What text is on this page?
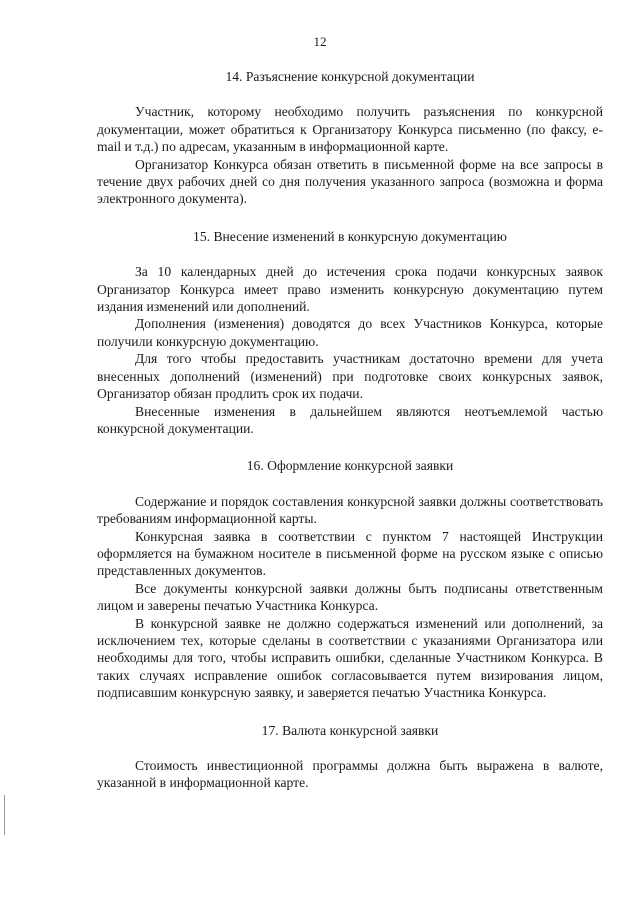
12
14. Разъяснение конкурсной документации

Участник, которому необходимо получить разъяснения по конкурсной документации, может обратиться к Организатору Конкурса письменно (по факсу, e-mail и т.д.) по адресам, указанным в информационной карте.

Организатор Конкурса обязан ответить в письменной форме на все запросы в течение двух рабочих дней со дня получения указанного запроса (возможна и форма электронного документа).

15. Внесение изменений в конкурсную документацию

За 10 календарных дней до истечения срока подачи конкурсных заявок Организатор Конкурса имеет право изменить конкурсную документацию путем издания изменений или дополнений.

Дополнения (изменения) доводятся до всех Участников Конкурса, которые получили конкурсную документацию.

Для того чтобы предоставить участникам достаточно времени для учета внесенных дополнений (изменений) при подготовке своих конкурсных заявок, Организатор обязан продлить срок их подачи.

Внесенные изменения в дальнейшем являются неотъемлемой частью конкурсной документации.

16. Оформление конкурсной заявки

Содержание и порядок составления конкурсной заявки должны соответствовать требованиям информационной карты.

Конкурсная заявка в соответствии с пунктом 7 настоящей Инструкции оформляется на бумажном носителе в письменной форме на русском языке с описью представленных документов.

Все документы конкурсной заявки должны быть подписаны ответственным лицом и заверены печатью Участника Конкурса.

В конкурсной заявке не должно содержаться изменений или дополнений, за исключением тех, которые сделаны в соответствии с указаниями Организатора или необходимы для того, чтобы исправить ошибки, сделанные Участником Конкурса. В таких случаях исправление ошибок согласовывается путем визирования лицом, подписавшим конкурсную заявку, и заверяется печатью Участника Конкурса.

17. Валюта конкурсной заявки

Стоимость инвестиционной программы должна быть выражена в валюте, указанной в информационной карте.
